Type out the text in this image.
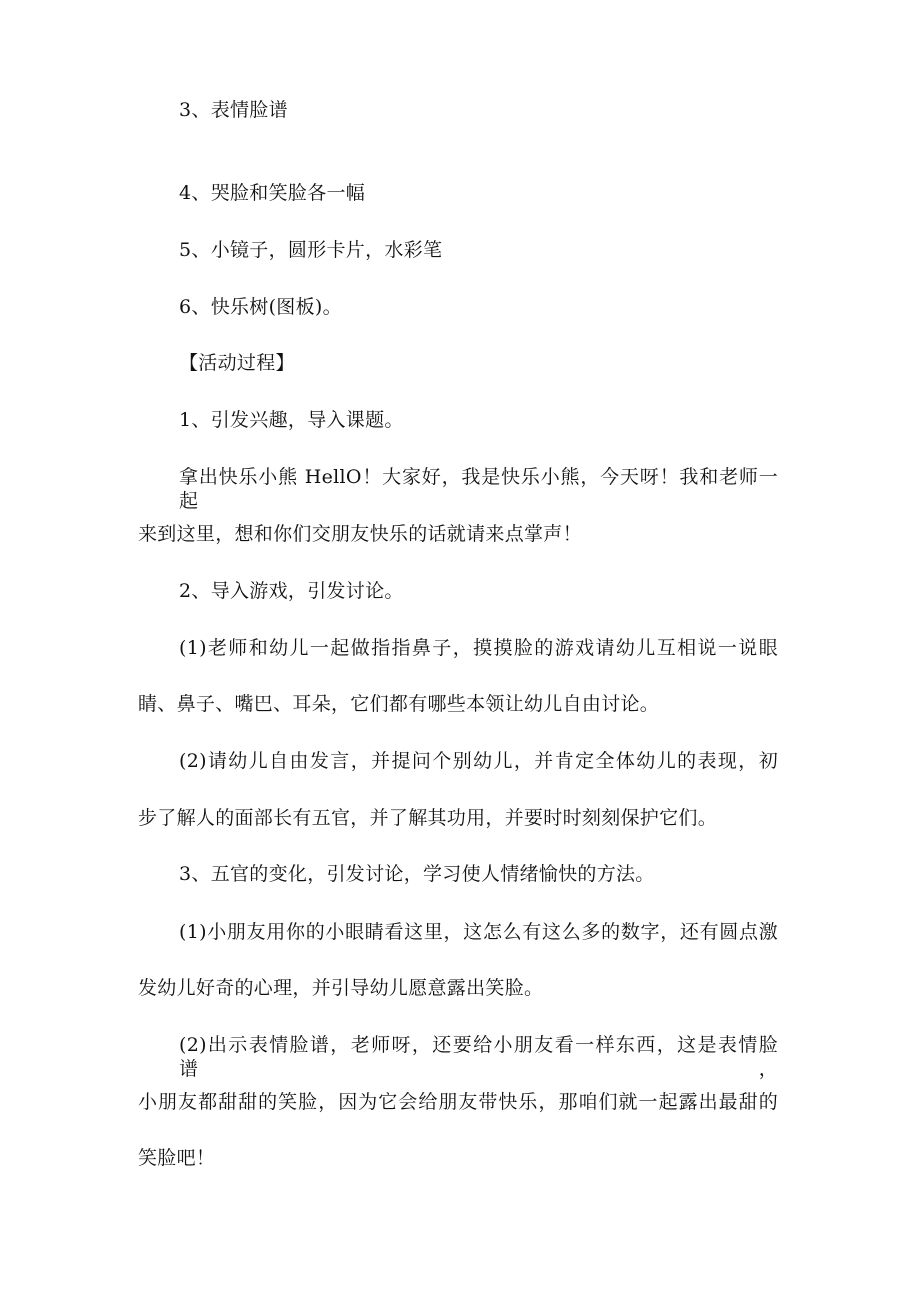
3、表情脸谱
4、哭脸和笑脸各一幅
5、小镜子，圆形卡片，水彩笔
6、快乐树(图板)。
【活动过程】
1、引发兴趣，导入课题。
拿出快乐小熊 HellO！大家好，我是快乐小熊，今天呀！我和老师一起
来到这里，想和你们交朋友快乐的话就请来点掌声！
2、导入游戏，引发讨论。
(1)老师和幼儿一起做指指鼻子，摸摸脸的游戏请幼儿互相说一说眼
睛、鼻子、嘴巴、耳朵，它们都有哪些本领让幼儿自由讨论。
(2)请幼儿自由发言，并提问个别幼儿，并肯定全体幼儿的表现，初
步了解人的面部长有五官，并了解其功用，并要时时刻刻保护它们。
3、五官的变化，引发讨论，学习使人情绪愉快的方法。
(1)小朋友用你的小眼睛看这里，这怎么有这么多的数字，还有圆点激
发幼儿好奇的心理，并引导幼儿愿意露出笑脸。
(2)出示表情脸谱，老师呀，还要给小朋友看一样东西，这是表情脸谱，
小朋友都甜甜的笑脸，因为它会给朋友带快乐，那咱们就一起露出最甜的
笑脸吧！
